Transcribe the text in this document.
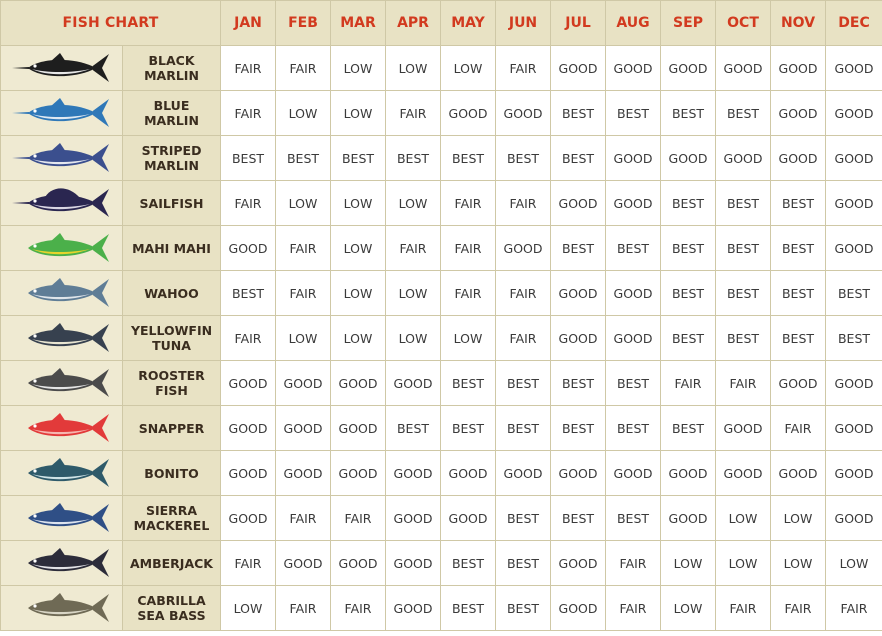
FISH CHART		JAN	FEB	MAR	APR	MAY	JUN	JUL	AUG	SEP	OCT	NOV	DEC

	BLACK
MARLIN	FAIR	FAIR	LOW	LOW	LOW	FAIR	GOOD	GOOD	GOOD	GOOD	GOOD	GOOD

	BLUE
MARLIN	FAIR	LOW	LOW	FAIR	GOOD	GOOD	BEST	BEST	BEST	BEST	GOOD	GOOD

	STRIPED
MARLIN	BEST	BEST	BEST	BEST	BEST	BEST	BEST	GOOD	GOOD	GOOD	GOOD	GOOD

	SAILFISH	FAIR	LOW	LOW	LOW	FAIR	FAIR	GOOD	GOOD	BEST	BEST	BEST	GOOD

	MAHI MAHI	GOOD	FAIR	LOW	FAIR	FAIR	GOOD	BEST	BEST	BEST	BEST	BEST	GOOD

	WAHOO	BEST	FAIR	LOW	LOW	FAIR	FAIR	GOOD	GOOD	BEST	BEST	BEST	BEST

	YELLOWFIN
TUNA	FAIR	LOW	LOW	LOW	LOW	FAIR	GOOD	GOOD	BEST	BEST	BEST	BEST

	ROOSTER
FISH	GOOD	GOOD	GOOD	GOOD	BEST	BEST	BEST	BEST	FAIR	FAIR	GOOD	GOOD

	SNAPPER	GOOD	GOOD	GOOD	BEST	BEST	BEST	BEST	BEST	BEST	GOOD	FAIR	GOOD

	BONITO	GOOD	GOOD	GOOD	GOOD	GOOD	GOOD	GOOD	GOOD	GOOD	GOOD	GOOD	GOOD

	SIERRA
MACKEREL	GOOD	FAIR	FAIR	GOOD	GOOD	BEST	BEST	BEST	GOOD	LOW	LOW	GOOD

	AMBERJACK	FAIR	GOOD	GOOD	GOOD	BEST	BEST	GOOD	FAIR	LOW	LOW	LOW	LOW

	CABRILLA
SEA BASS	LOW	FAIR	FAIR	GOOD	BEST	BEST	GOOD	FAIR	LOW	FAIR	FAIR	FAIR
